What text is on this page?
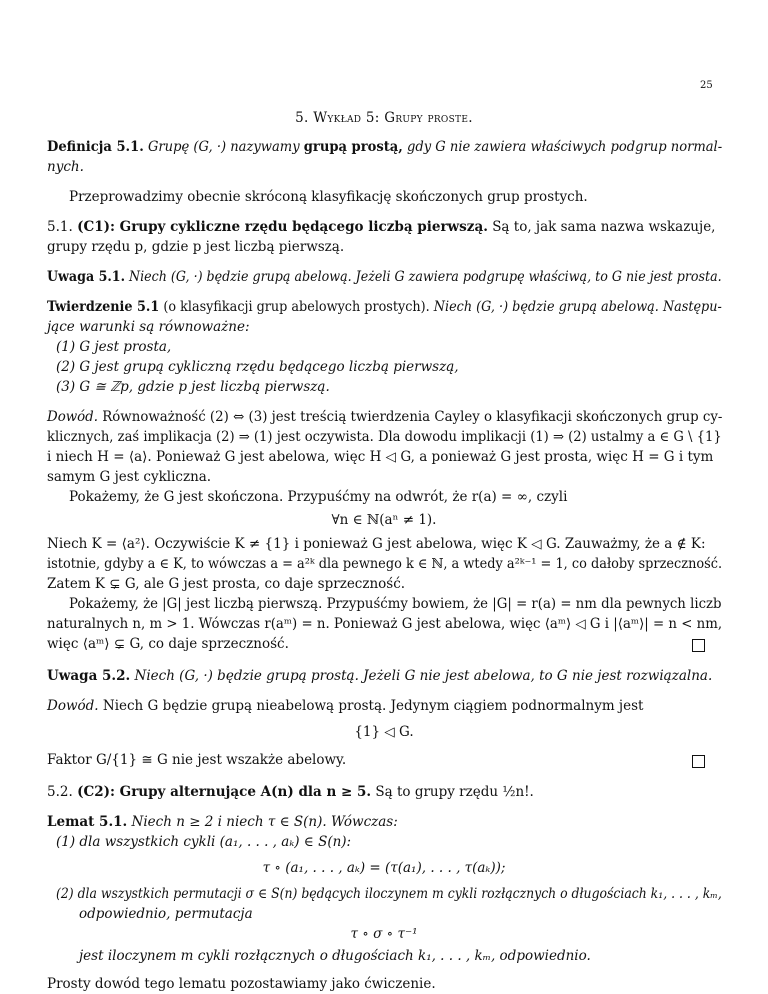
25
5. Wykład 5: Grupy proste.
Definicja 5.1. Grupę (G, ·) nazywamy grupą prostą, gdy G nie zawiera właściwych podgrup normal-
nych.
Przeprowadzimy obecnie skróconą klasyfikację skończonych grup prostych.
5.1. (C1): Grupy cykliczne rzędu będącego liczbą pierwszą. Są to, jak sama nazwa wskazuje,
grupy rzędu p, gdzie p jest liczbą pierwszą.
Uwaga 5.1. Niech (G, ·) będzie grupą abelową. Jeżeli G zawiera podgrupę właściwą, to G nie jest prosta.
Twierdzenie 5.1 (o klasyfikacji grup abelowych prostych). Niech (G, ·) będzie grupą abelową. Następu-
jące warunki są równoważne:
(1) G jest prosta,
(2) G jest grupą cykliczną rzędu będącego liczbą pierwszą,
(3) G ≅ ℤp, gdzie p jest liczbą pierwszą.
Dowód. Równoważność (2) ⇔ (3) jest treścią twierdzenia Cayley o klasyfikacji skończonych grup cy-
klicznych, zaś implikacja (2) ⇒ (1) jest oczywista. Dla dowodu implikacji (1) ⇒ (2) ustalmy a ∈ G \ {1}
i niech H = ⟨a⟩. Ponieważ G jest abelowa, więc H ◁ G, a ponieważ G jest prosta, więc H = G i tym
samym G jest cykliczna.
Pokażemy, że G jest skończona. Przypuśćmy na odwrót, że r(a) = ∞, czyli
∀n ∈ ℕ(aⁿ ≠ 1).
Niech K = ⟨a²⟩. Oczywiście K ≠ {1} i ponieważ G jest abelowa, więc K ◁ G. Zauważmy, że a ∉ K:
istotnie, gdyby a ∈ K, to wówczas a = a²ᵏ dla pewnego k ∈ ℕ, a wtedy a²ᵏ⁻¹ = 1, co dałoby sprzeczność.
Zatem K ⊊ G, ale G jest prosta, co daje sprzeczność.
Pokażemy, że |G| jest liczbą pierwszą. Przypuśćmy bowiem, że |G| = r(a) = nm dla pewnych liczb
naturalnych n, m > 1. Wówczas r(aᵐ) = n. Ponieważ G jest abelowa, więc ⟨aᵐ⟩ ◁ G i |⟨aᵐ⟩| = n < nm,
więc ⟨aᵐ⟩ ⊊ G, co daje sprzeczność.
Uwaga 5.2. Niech (G, ·) będzie grupą prostą. Jeżeli G nie jest abelowa, to G nie jest rozwiązalna.
Dowód. Niech G będzie grupą nieabelową prostą. Jedynym ciągiem podnormalnym jest
{1} ◁ G.
Faktor G/{1} ≅ G nie jest wszakże abelowy.
5.2. (C2): Grupy alternujące A(n) dla n ≥ 5. Są to grupy rzędu ½n!.
Lemat 5.1. Niech n ≥ 2 i niech τ ∈ S(n). Wówczas:
(1) dla wszystkich cykli (a₁, . . . , aₖ) ∈ S(n):
τ ∘ (a₁, . . . , aₖ) = (τ(a₁), . . . , τ(aₖ));
(2) dla wszystkich permutacji σ ∈ S(n) będących iloczynem m cykli rozłącznych o długościach k₁, . . . , kₘ,
odpowiednio, permutacja
τ ∘ σ ∘ τ⁻¹
jest iloczynem m cykli rozłącznych o długościach k₁, . . . , kₘ, odpowiednio.
Prosty dowód tego lematu pozostawiamy jako ćwiczenie.
